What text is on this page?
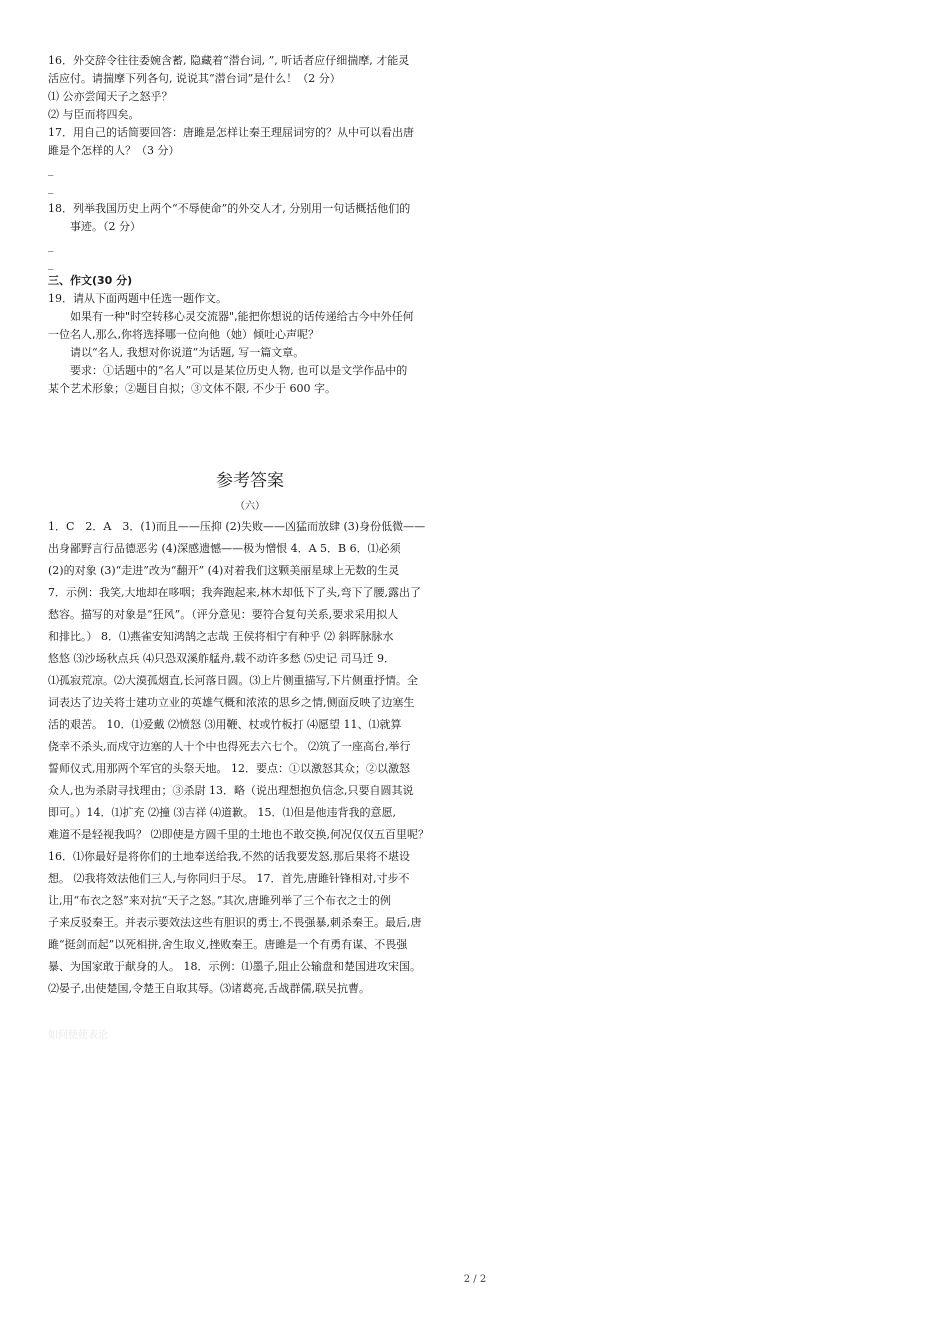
16．外交辞令往往委婉含蓄, 隐藏着“潜台词, ”, 听话者应仔细揣摩, 才能灵
活应付。请揣摩下列各句, 说说其“潜台词”是什么！（2 分）
⑴ 公亦尝闻天子之怒乎？
⑵ 与臣而将四矣。
17．用自己的话简要回答：唐雎是怎样让秦王理屈词穷的？从中可以看出唐
雎是个怎样的人？（3 分）
_
_
18．列举我国历史上两个“不辱使命”的外交人才, 分别用一句话概括他们的
事迹。（2 分）
_
_
三、作文(30 分)
19．请从下面两题中任选一题作文。
如果有一种"时空转移心灵交流器",能把你想说的话传递给古今中外任何
一位名人,那么,你将选择哪一位向他（她）倾吐心声呢？
请以“名人, 我想对你说道”为话题, 写一篇文章。
要求：①话题中的“名人”可以是某位历史人物, 也可以是文学作品中的
某个艺术形象；②题目自拟；③文体不限, 不少于 600 字。
参考答案
（六）
1．C　2．A　3．(1)而且——压抑 (2)失败——凶猛而放肆 (3)身份低微——
出身鄙野言行品德恶劣 (4)深感遗憾——极为憎恨 4．A 5．B 6．⑴必须
(2)的对象 (3)“走进”改为“翻开” (4)对着我们这颗美丽星球上无数的生灵
7．示例：我笑,大地却在哆咽；我奔跑起来,林木却低下了头,弯下了腰,露出了
愁容。描写的对象是“狂风”。（评分意见：要符合复句关系,要求采用拟人
和排比。） 8．⑴燕雀安知鸿鹄之志哉 王侯将相宁有种乎 ⑵ 斜晖脉脉水
悠悠 ⑶沙场秋点兵 ⑷只恐双溪舴艋舟,载不动许多愁 ⑸史记 司马迁 9．
⑴孤寂荒凉。⑵大漠孤烟直,长河落日圆。⑶上片侧重描写,下片侧重抒情。全
词表达了边关将士建功立业的英雄气概和浓浓的思乡之情,侧面反映了边塞生
活的艰苦。 10．⑴爱戴 ⑵愤怒 ⑶用鞭、杖或竹板打 ⑷愿望 11、⑴就算
侥幸不杀头,而戍守边塞的人十个中也得死去六七个。 ⑵筑了一座高台,举行
誓师仪式,用那两个军官的头祭天地。 12．要点：①以激怒其众；②以激怒
众人,也为杀尉寻找理由；③杀尉 13．略（说出理想抱负信念,只要自圆其说
即可。）14．⑴扩充 ⑵撞 ⑶吉祥 ⑷道歉。 15．⑴但是他违背我的意愿,
难道不是轻视我吗？ ⑵即使是方圆千里的土地也不敢交换,何况仅仅五百里呢？
16．⑴你最好是将你们的土地奉送给我,不然的话我要发怒,那后果将不堪设
想。 ⑵我将效法他们三人,与你同归于尽。 17．首先,唐雎针锋相对,寸步不
让,用“布衣之怒”来对抗“天子之怒。”其次,唐雎列举了三个布衣之士的例
子来反驳秦王。并表示要效法这些有胆识的勇士,不畏强暴,刺杀秦王。最后,唐
雎“挺剑而起”以死相拼,舍生取义,挫败秦王。唐雎是一个有勇有谋、不畏强
暴、为国家敢于献身的人。 18．示例：⑴墨子,阻止公输盘和楚国进攻宋国。
⑵晏子,出使楚国,令楚王自取其辱。⑶诸葛亮,舌战群儒,联吴抗曹。
如何使使表论
2 / 2
